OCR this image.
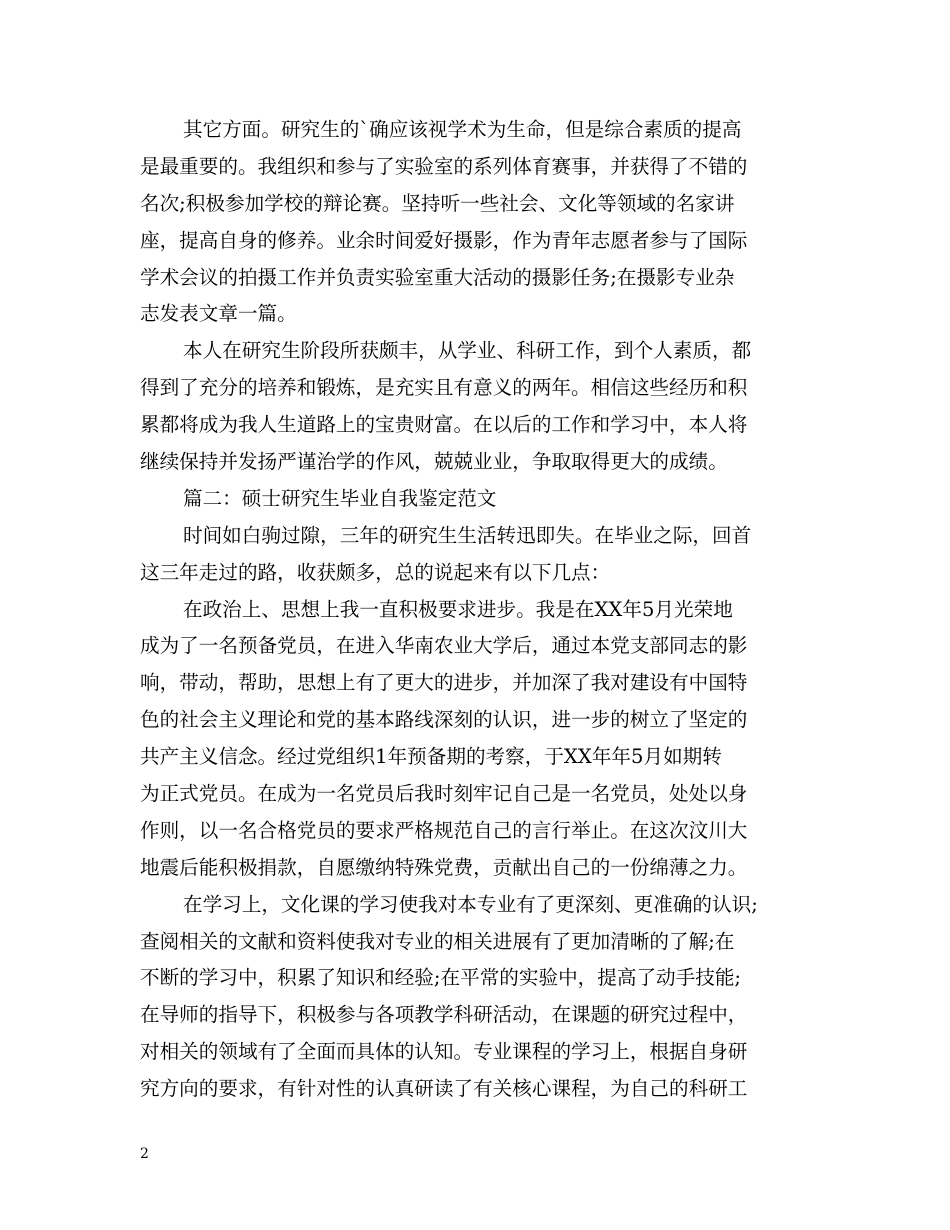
其它方面。研究生的`确应该视学术为生命，但是综合素质的提高
是最重要的。我组织和参与了实验室的系列体育赛事，并获得了不错的
名次;积极参加学校的辩论赛。坚持听一些社会、文化等领域的名家讲
座，提高自身的修养。业余时间爱好摄影，作为青年志愿者参与了国际
学术会议的拍摄工作并负责实验室重大活动的摄影任务;在摄影专业杂
志发表文章一篇。
本人在研究生阶段所获颇丰，从学业、科研工作，到个人素质，都
得到了充分的培养和锻炼，是充实且有意义的两年。相信这些经历和积
累都将成为我人生道路上的宝贵财富。在以后的工作和学习中，本人将
继续保持并发扬严谨治学的作风，兢兢业业，争取取得更大的成绩。
篇二：硕士研究生毕业自我鉴定范文
时间如白驹过隙，三年的研究生生活转迅即失。在毕业之际，回首
这三年走过的路，收获颇多，总的说起来有以下几点：
在政治上、思想上我一直积极要求进步。我是在XX年5月光荣地
成为了一名预备党员，在进入华南农业大学后，通过本党支部同志的影
响，带动，帮助，思想上有了更大的进步，并加深了我对建设有中国特
色的社会主义理论和党的基本路线深刻的认识，进一步的树立了坚定的
共产主义信念。经过党组织1年预备期的考察，于XX年年5月如期转
为正式党员。在成为一名党员后我时刻牢记自己是一名党员，处处以身
作则，以一名合格党员的要求严格规范自己的言行举止。在这次汶川大
地震后能积极捐款，自愿缴纳特殊党费，贡献出自己的一份绵薄之力。
在学习上，文化课的学习使我对本专业有了更深刻、更准确的认识;
查阅相关的文献和资料使我对专业的相关进展有了更加清晰的了解;在
不断的学习中，积累了知识和经验;在平常的实验中，提高了动手技能;
在导师的指导下，积极参与各项教学科研活动，在课题的研究过程中，
对相关的领域有了全面而具体的认知。专业课程的学习上，根据自身研
究方向的要求，有针对性的认真研读了有关核心课程，为自己的科研工
2
